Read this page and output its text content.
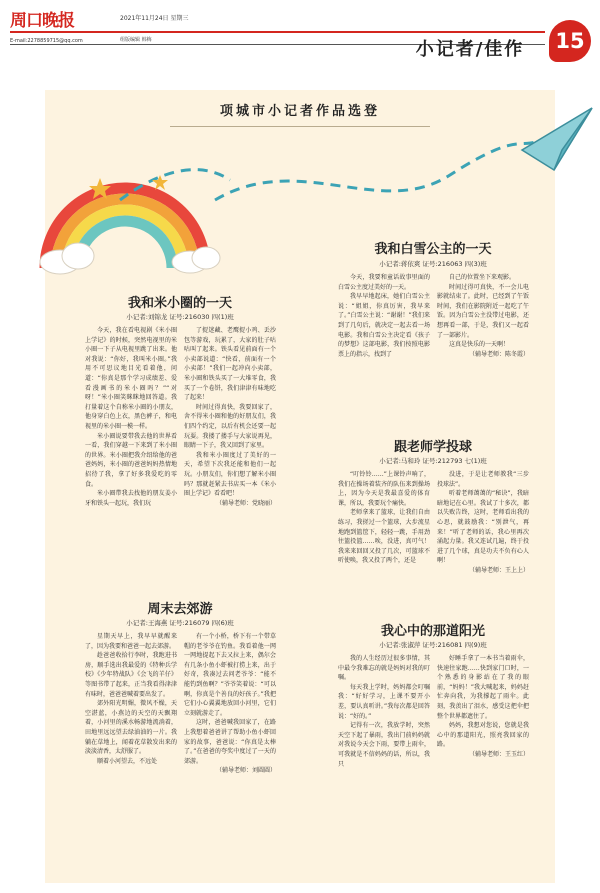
周口晚报	2021年11月24日 星期三
E-mail:2278859715@qq.com	组版编辑 韩梅	小记者/佳作	15
项城市小记者作品选登
我和米小圈的一天
小记者:刘锦龙 证号:216030 四(1)班

今天，我在看电视剧《米小圈上学记》的时候，突然电视里的米小圈一下子从电视里跳了出来。他对我说：“你好，我叫米小圈。”我用不可思议地目光看着他，问道：“你真是那个学习成绩差、爱看漫画书的米小圈吗？”“对呀！”米小圈笑眯眯地回答道。我打量着这个自称米小圈的小朋友，他身穿白色上衣，黑色裤子，和电视里的米小圈一模一样。

米小圈说要带我去他的世界看一看，我们穿越一下来到了米小圈的世界。米小圈把我介绍给他的爸爸妈妈，米小圈的爸爸妈妈热情地招待了我，拿了好多我爱吃的零食。

米小圈带我去找他的朋友姜小牙和铁头一起玩，我们玩

了捉迷藏、老鹰捉小鸡、丢沙包等游戏，玩累了，大家的肚子咕咕叫了起来。铁头看见前面有一个小卖部说道：“快看，前面有一个小卖部！”我们一起冲向小卖部，米小圈和铁头买了一大堆零食，我买了一个卷饼，我们津津有味地吃了起来！

时间过得真快，我要回家了，舍不得米小圈和他的好朋友们，我们四个约定，以后有机会还要一起玩耍。我搂了搂手与大家说再见，眼睛一下子，我又回到了家里。

我和米小圈度过了美好的一天，希望下次我还能和他们一起玩。小朋友们，你们想了解米小圈吗？那就赶紧去书店买一本《米小圈上学记》看看吧！

（辅导老师：党晓丽）
我和白雪公主的一天
小记者:蒋依爽 证号:216063 四(3)班

今天，我要和童话故事里面的白雪公主度过美好的一天。

我早早地起床，她们白雪公主说：“姐姐，你真厉害，我早来了。”白雪公主说：“谢谢！”我们来到了几句后，就决定一起去看一场电影。我和白雪公主决定看《孩子的梦想》这部电影，我们按照电影票上的指示，找到了

自己的位置坐下来观影。

时间过得可真快，不一会儿电影就结束了。此时，已经到了午饭时间，我们在影院附近一起吃了午饭。因为白雪公主没带过电影，还想再看一部，于是，我们又一起看了一部影片。

这真是快乐的一天啊！

（辅导老师：陈冬霞）
跟老师学投球
小记者:马和玲 证号:212793 七(1)班

“叮铃铃……”上课铃声响了，我们在操场着装齐的队伍来到操场上，因为今天是我最喜爱的体育课，所以，我要玩个痛快。

老师拿来了篮球，让我们自由练习，我搓过一个篮球，大步流星地跑到篮筐下，轻轻一跳，手用劲往篮投篮……唉，没进，真可气！我来来回回又投了几次，可篮球不听使唤，我又投了两个，还是

没进，于是让老师教我“三步投球法”。

听着老师蔼蔼的“秘诀”，我暗暗地记在心里。我试了十多次，都以失败告终，这时，老师看出我的心思，就鼓励我：“别泄气，再来！”听了老师的话，我心里再次涌起力量。我又连试几遍，终于投进了几个球，真是功夫不负有心人啊！

（辅导老师：王上上）
周末去郊游
小记者:王海燕 证号:216079 四(6)班

星期天早上，我早早就醒来了，因为我要和爸爸一起去郊游。

趁爸爸收拾行李时，我跑进书房，顺手选出我最爱的《特种兵学校》《少年特战队》《会飞的羊仔》等图书带了起来，正当我看得津津有味时，爸爸爸喊着要出发了。

郊外阳光明媚，微风不燥，天空湛蓝，小燕边的天空的天飘翔着，小河里的溪水畅游地流淌着，田地里远远望去绿油油的一片。我躺在草地上，闻着花草散发出来的淡淡清香，太舒服了。

顺着小河望去，不远处

有一个小桥，桥下有一个带草帽的老爷爷在钓鱼。我看着他一网一网地提起下去又拉上来，偶尔会有几条小鱼小虾被打捞上来，出于好奇，我凑过去问老爷爷：“能不能钓到鱼啊？”爷爷笑着说：“可以啊，你真是个善良的好孩子。”我把它们小心翼翼地放回小河里，它们立刻就游走了。

这时，爸爸喊我回家了，在路上我想着爸爸讲了帮助小鱼小虾回家的故事，爸爸说：“你真是太棒了。”在爸爸的夸奖中度过了一天的郊游。

（辅导老师：刘圆圆）
我心中的那道阳光
小记者:张淑萍 证号:216081 四(9)班

我的人生经历过很多事情，其中最令我难忘的就是妈妈对我的叮嘱。

每天我上学时，妈妈都会叮嘱我：“好好学习，上课不要开小差，要认真听讲。”我每次都是回答说：“好的。”

记得有一次，我放学时，突然天空下起了暴雨，我出门前妈妈就对我说今天会下雨，要带上雨伞，可我就是不信妈妈的话，所以，我只

好睡手拿了一本书当着雨伞，快速往家跑……快到家门口时，一个熟悉的身影站在了我的眼前，“妈妈！”我大喊起来，妈妈赶忙奔向我，为我撑起了雨伞。此刻，我羡出了泪水，感受这把伞把整个世界都遮住了。

妈妈，我想对您说，您就是我心中的那道阳光，照亮我回家的路。

（辅导老师：王玉红）
